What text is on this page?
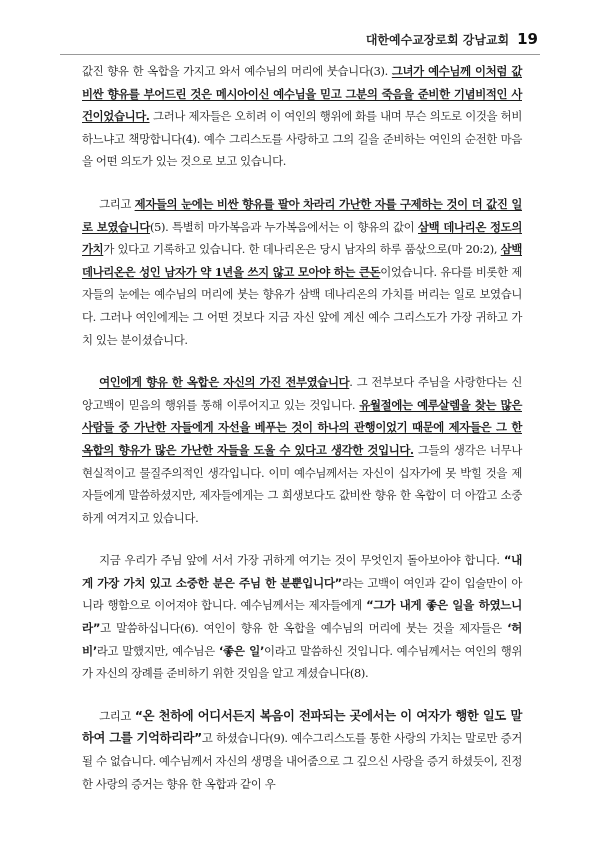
대한예수교장로회 강남교회 19

값진 향유 한 옥합을 가지고 와서 예수님의 머리에 붓습니다(3). 그녀가 예수님께 이처럼 값비싼 향유를 부어드린 것은 메시아이신 예수님을 믿고 그분의 죽음을 준비한 기념비적인 사건이었습니다. 그러나 제자들은 오히려 이 여인의 행위에 화를 내며 무슨 의도로 이것을 허비하느냐고 책망합니다(4). 예수 그리스도를 사랑하고 그의 길을 준비하는 여인의 순전한 마음을 어떤 의도가 있는 것으로 보고 있습니다.

그리고 제자들의 눈에는 비싼 향유를 팔아 차라리 가난한 자를 구제하는 것이 더 값진 일로 보였습니다(5). 특별히 마가복음과 누가복음에서는 이 향유의 값이 삼백 데나리온 정도의 가치가 있다고 기록하고 있습니다. 한 데나리온은 당시 남자의 하루 품삯으로(마 20:2), 삼백 데나리온은 성인 남자가 약 1년을 쓰지 않고 모아야 하는 큰돈이었습니다. 유다를 비롯한 제자들의 눈에는 예수님의 머리에 붓는 향유가 삼백 데나리온의 가치를 버리는 일로 보였습니다. 그러나 여인에게는 그 어떤 것보다 지금 자신 앞에 계신 예수 그리스도가 가장 귀하고 가치 있는 분이셨습니다.

여인에게 향유 한 옥합은 자신의 가진 전부였습니다. 그 전부보다 주님을 사랑한다는 신앙고백이 믿음의 행위를 통해 이루어지고 있는 것입니다. 유월절에는 예루살렘을 찾는 많은 사람들 중 가난한 자들에게 자선을 베푸는 것이 하나의 관행이었기 때문에 제자들은 그 한 옥합의 향유가 많은 가난한 자들을 도울 수 있다고 생각한 것입니다. 그들의 생각은 너무나 현실적이고 물질주의적인 생각입니다. 이미 예수님께서는 자신이 십자가에 못 박힐 것을 제자들에게 말씀하셨지만, 제자들에게는 그 희생보다도 값비싼 향유 한 옥합이 더 아깝고 소중하게 여겨지고 있습니다.

지금 우리가 주님 앞에 서서 가장 귀하게 여기는 것이 무엇인지 돌아보아야 합니다. “내게 가장 가치 있고 소중한 분은 주님 한 분뿐입니다”라는 고백이 여인과 같이 입술만이 아니라 행함으로 이어져야 합니다. 예수님께서는 제자들에게 “그가 내게 좋은 일을 하였느니라”고 말씀하십니다(6). 여인이 향유 한 옥합을 예수님의 머리에 붓는 것을 제자들은 ‘허비’라고 말했지만, 예수님은 ‘좋은 일’이라고 말씀하신 것입니다. 예수님께서는 여인의 행위가 자신의 장례를 준비하기 위한 것임을 알고 계셨습니다(8).

그리고 “온 천하에 어디서든지 복음이 전파되는 곳에서는 이 여자가 행한 일도 말하여 그를 기억하리라”고 하셨습니다(9). 예수그리스도를 통한 사랑의 가치는 말로만 증거될 수 없습니다. 예수님께서 자신의 생명을 내어줌으로 그 깊으신 사랑을 증거 하셨듯이, 진정한 사랑의 증거는 향유 한 옥합과 같이 우
